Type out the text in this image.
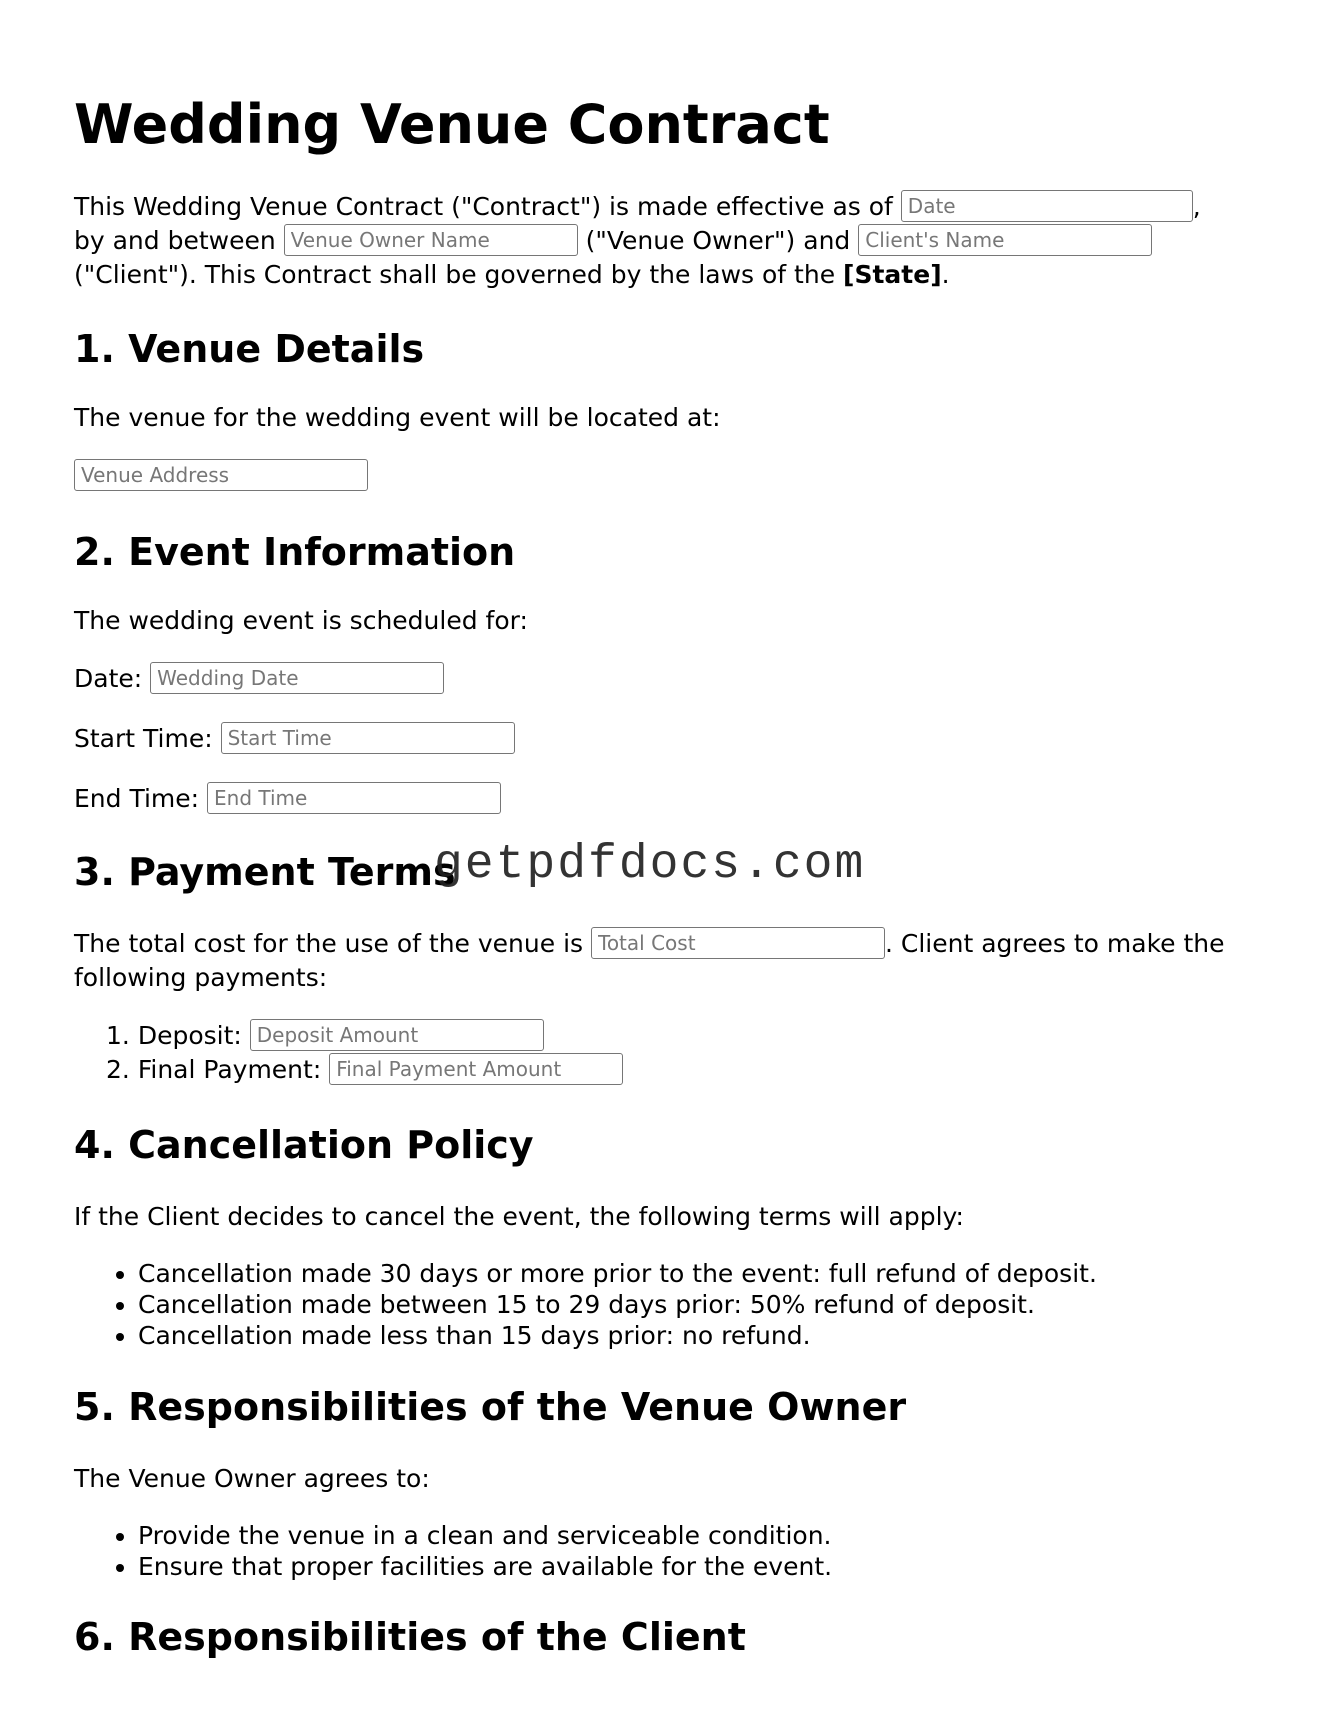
Wedding Venue Contract
This Wedding Venue Contract ("Contract") is made effective as of Date	,
by and between Venue Owner Name	("Venue Owner") and Client's Name
("Client"). This Contract shall be governed by the laws of the [State].
1. Venue Details
The venue for the wedding event will be located at:
Venue Address
2. Event Information
The wedding event is scheduled for:
Date: Wedding Date
Start Time: Start Time
End Time: End Time
3. Payment Terms
The total cost for the use of the venue is Total Cost	. Client agrees to make the
following payments:
1. Deposit: Deposit Amount
2. Final Payment: Final Payment Amount
4. Cancellation Policy
If the Client decides to cancel the event, the following terms will apply:
• Cancellation made 30 days or more prior to the event: full refund of deposit.
• Cancellation made between 15 to 29 days prior: 50% refund of deposit.
• Cancellation made less than 15 days prior: no refund.
5. Responsibilities of the Venue Owner
The Venue Owner agrees to:
• Provide the venue in a clean and serviceable condition.
• Ensure that proper facilities are available for the event.
6. Responsibilities of the Client
getpdfdocs.com
